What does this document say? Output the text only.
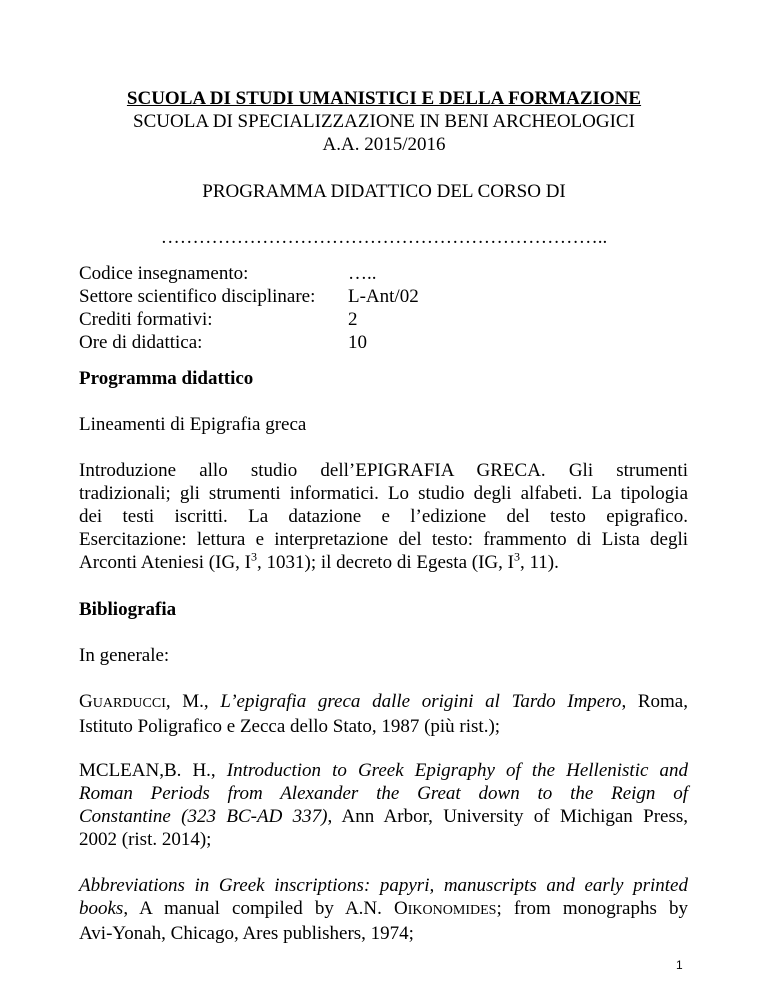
SCUOLA DI STUDI UMANISTICI E DELLA FORMAZIONE
SCUOLA DI SPECIALIZZAZIONE IN BENI ARCHEOLOGICI
A.A. 2015/2016
PROGRAMMA DIDATTICO DEL CORSO DI
……………………………………………………………..
Codice insegnamento:	…..
Settore scientifico disciplinare:	L-Ant/02
Crediti formativi:	2
Ore di didattica:	10
Programma didattico
Lineamenti di Epigrafia greca
Introduzione allo studio dell’EPIGRAFIA GRECA. Gli strumenti
tradizionali; gli strumenti informatici. Lo studio degli alfabeti. La tipologia
dei testi iscritti. La datazione e l’edizione del testo epigrafico.
Esercitazione: lettura e interpretazione del testo: frammento di Lista degli
Arconti Ateniesi (IG, $I^3$, 1031); il decreto di Egesta (IG, $I^3$, 11).
Bibliografia
In generale:
GUARDUCCI, M., L’epigrafia greca dalle origini al Tardo Impero, Roma,
Istituto Poligrafico e Zecca dello Stato, 1987 (più rist.);
MCLEAN,B. H., Introduction to Greek Epigraphy of the Hellenistic and
Roman Periods from Alexander the Great down to the Reign of
Constantine (323 BC-AD 337), Ann Arbor, University of Michigan Press,
2002 (rist. 2014);
Abbreviations in Greek inscriptions: papyri, manuscripts and early printed
books, A manual compiled by A.N. OIKONOMIDES; from monographs by
Avi-Yonah, Chicago, Ares publishers, 1974;
1
